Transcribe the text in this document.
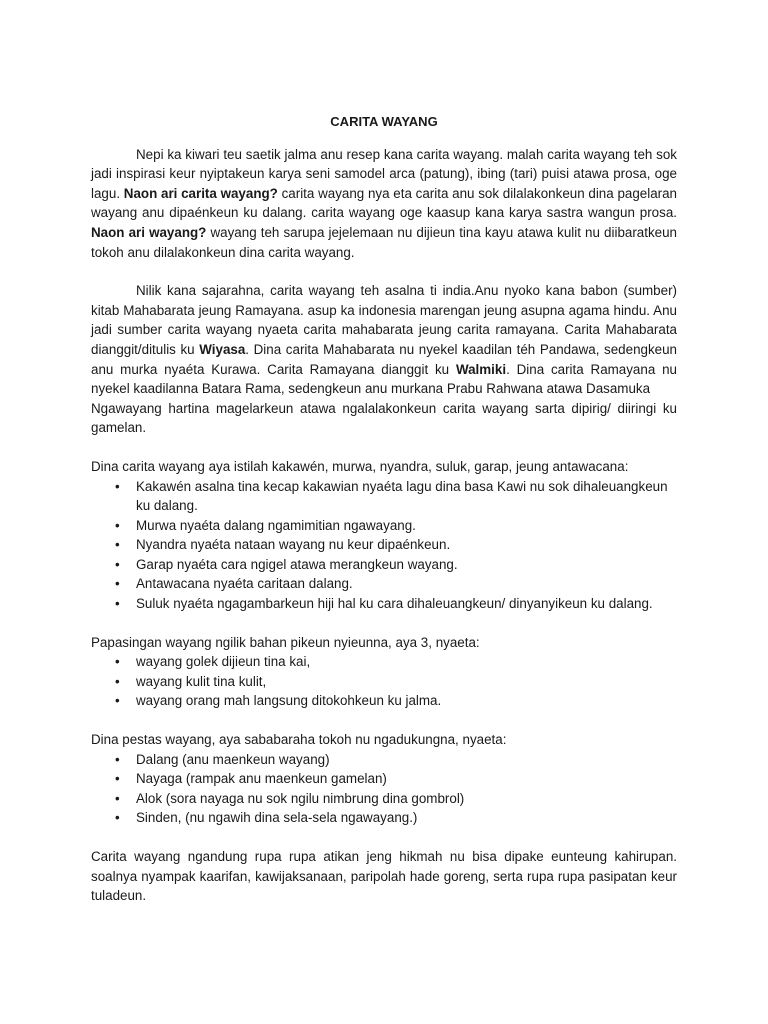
CARITA WAYANG

Nepi ka kiwari teu saetik jalma anu resep kana carita wayang. malah carita wayang teh sok jadi inspirasi keur nyiptakeun karya seni samodel arca (patung), ibing (tari) puisi atawa prosa, oge lagu. Naon ari carita wayang? carita wayang nya eta carita anu sok dilalakonkeun dina pagelaran wayang anu dipaénkeun ku dalang. carita wayang oge kaasup kana karya sastra wangun prosa. Naon ari wayang? wayang teh sarupa jejelemaan nu dijieun tina kayu atawa kulit nu diibaratkeun tokoh anu dilalakonkeun dina carita wayang.

Nilik kana sajarahna, carita wayang teh asalna ti india.Anu nyoko kana babon (sumber) kitab Mahabarata jeung Ramayana. asup ka indonesia marengan jeung asupna agama hindu. Anu jadi sumber carita wayang nyaeta carita mahabarata jeung carita ramayana. Carita Mahabarata dianggit/ditulis ku Wiyasa. Dina carita Mahabarata nu nyekel kaadilan téh Pandawa, sedengkeun anu murka nyaéta Kurawa. Carita Ramayana dianggit ku Walmiki. Dina carita Ramayana nu nyekel kaadilanna Batara Rama, sedengkeun anu murkana Prabu Rahwana atawa Dasamuka

Ngawayang hartina magelarkeun atawa ngalalakonkeun carita wayang sarta dipirig/ diiringi ku gamelan.

Dina carita wayang aya istilah kakawén, murwa, nyandra, suluk, garap, jeung antawacana:

• Kakawén asalna tina kecap kakawian nyaéta lagu dina basa Kawi nu sok dihaleuangkeun ku dalang.
• Murwa nyaéta dalang ngamimitian ngawayang.
• Nyandra nyaéta nataan wayang nu keur dipaénkeun.
• Garap nyaéta cara ngigel atawa merangkeun wayang.
• Antawacana nyaéta caritaan dalang.
• Suluk nyaéta ngagambarkeun hiji hal ku cara dihaleuangkeun/ dinyanyikeun ku dalang.

Papasingan wayang ngilik bahan pikeun nyieunna, aya 3, nyaeta:

• wayang golek dijieun tina kai,
• wayang kulit tina kulit,
• wayang orang mah langsung ditokohkeun ku jalma.

Dina pestas wayang, aya sababaraha tokoh nu ngadukungna, nyaeta:

• Dalang (anu maenkeun wayang)
• Nayaga (rampak anu maenkeun gamelan)
• Alok (sora nayaga nu sok ngilu nimbrung dina gombrol)
• Sinden, (nu ngawih dina sela-sela ngawayang.)

Carita wayang ngandung rupa rupa atikan jeng hikmah nu bisa dipake eunteung kahirupan. soalnya nyampak kaarifan, kawijaksanaan, paripolah hade goreng, serta rupa rupa pasipatan keur tuladeun.
